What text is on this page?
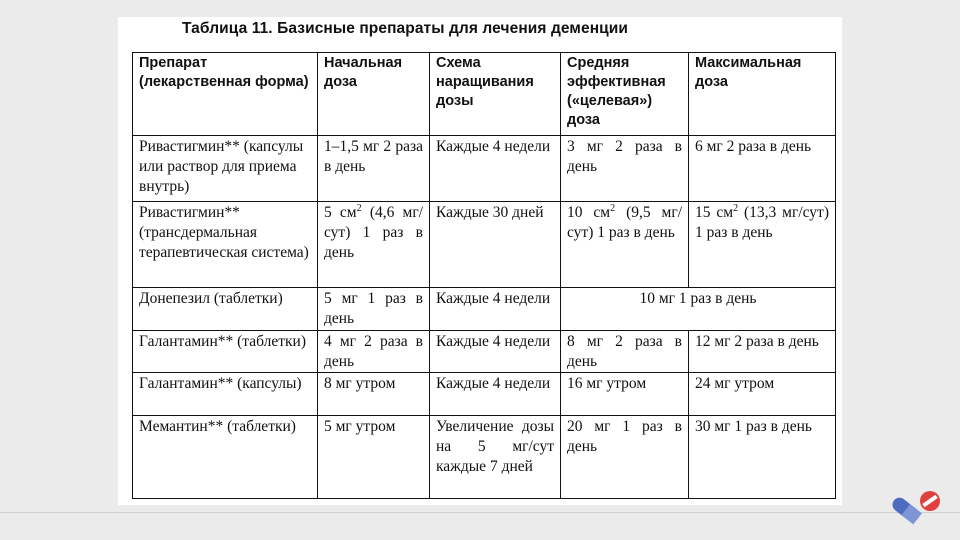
Таблица 11. Базисные препараты для лечения деменции
Препарат (лекарственная форма)	Начальная доза	Схема наращивания дозы	Средняя эффективная («целевая») доза	Максимальная доза
Ривастигмин** (капсулы или раствор для приема внутрь)	1–1,5 мг 2 раза в день	Каждые 4 недели	3 мг 2 раза в день	6 мг 2 раза в день
Ривастигмин** (трансдермальная терапевтическая система)	5 $см^2$ (4,6 мг/сут) 1 раз в день	Каждые 30 дней	10 $см^2$ (9,5 мг/сут) 1 раз в день	15 $см^2$ (13,3 мг/сут) 1 раз в день
Донепезил (таблетки)	5 мг 1 раз в день	Каждые 4 недели	10 мг 1 раз в день	
Галантамин** (таблетки)	4 мг 2 раза в день	Каждые 4 недели	8 мг 2 раза в день	12 мг 2 раза в день
Галантамин** (капсулы)	8 мг утром	Каждые 4 недели	16 мг утром	24 мг утром
Мемантин** (таблетки)	5 мг утром	Увеличение дозы на 5 мг/сут каждые 7 дней	20 мг 1 раз в день	30 мг 1 раз в день
